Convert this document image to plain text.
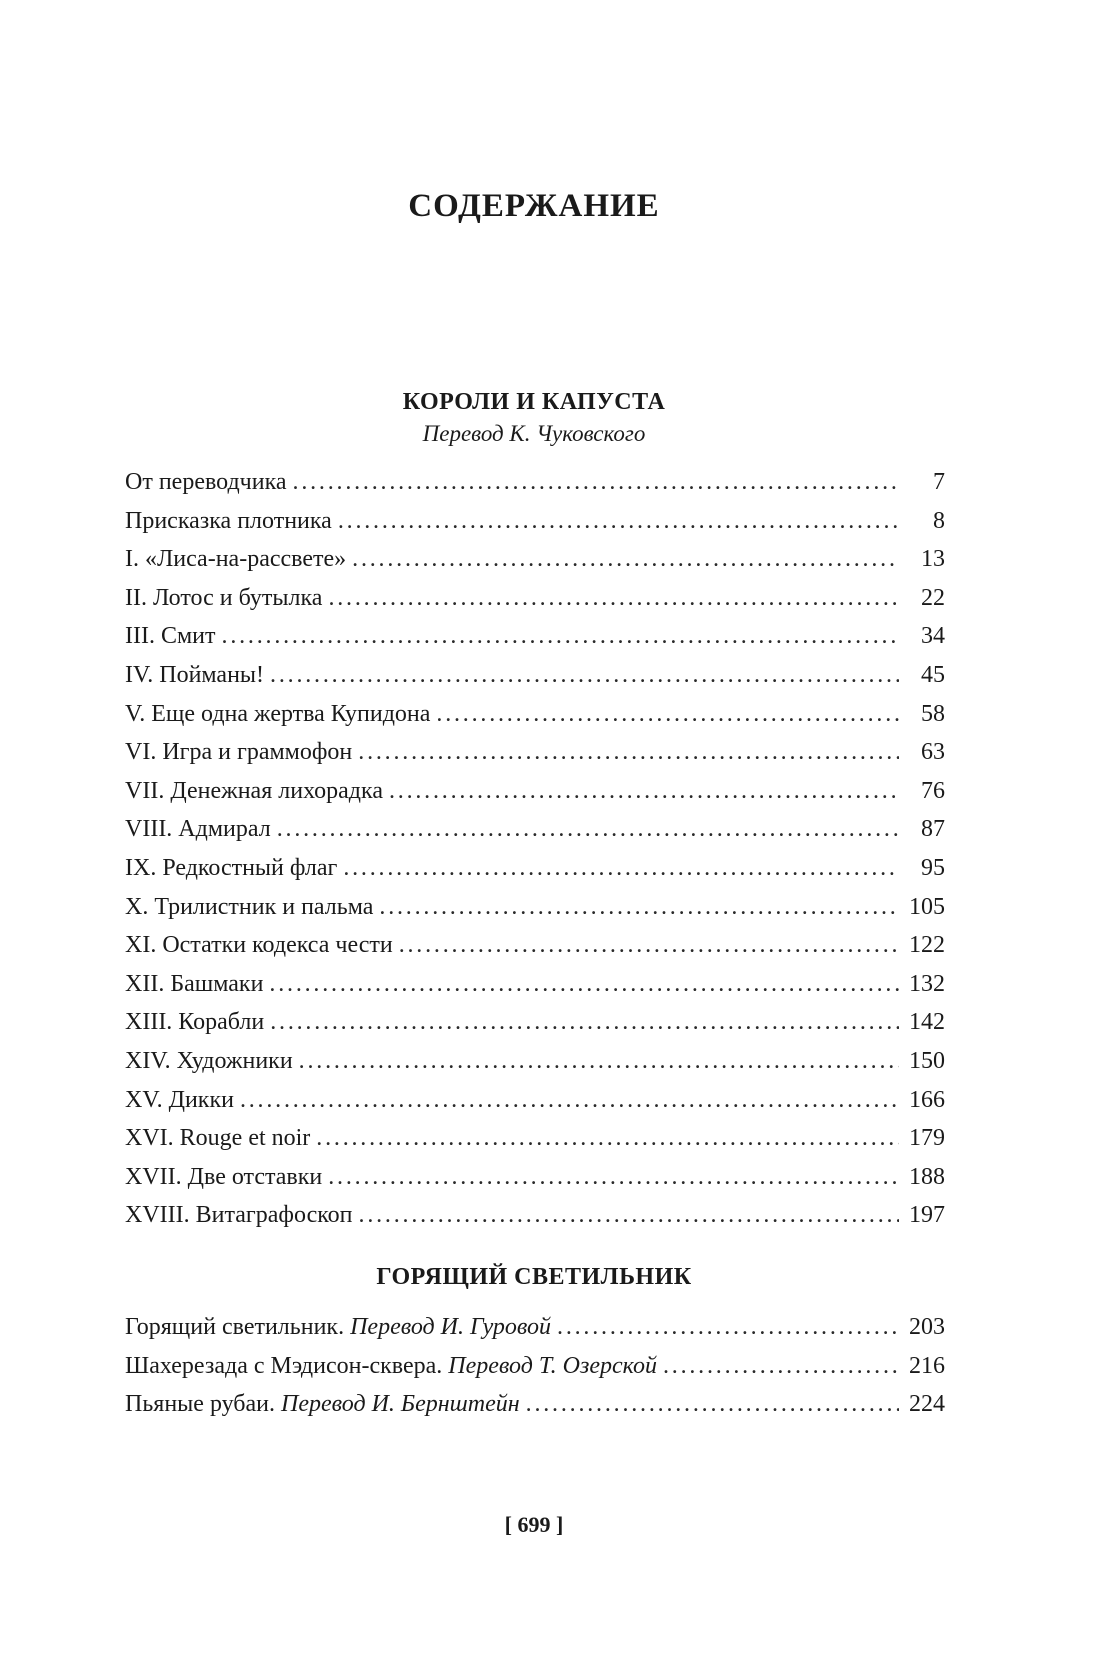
СОДЕРЖАНИЕ
КОРОЛИ И КАПУСТА
Перевод К. Чуковского
От переводчика . . .	7
Присказка плотника . . .	8
I. «Лиса-на-рассвете» . . .	13
II. Лотос и бутылка . . .	22
III. Смит . . .	34
IV. Пойманы! . . .	45
V. Еще одна жертва Купидона . . .	58
VI. Игра и граммофон . . .	63
VII. Денежная лихорадка . . .	76
VIII. Адмирал . . .	87
IX. Редкостный флаг . . .	95
X. Трилистник и пальма . . .	105
XI. Остатки кодекса чести . . .	122
XII. Башмаки . . .	132
XIII. Корабли . . .	142
XIV. Художники . . .	150
XV. Дикки . . .	166
XVI. Rouge et noir . . .	179
XVII. Две отставки . . .	188
XVIII. Витаграфоскоп . . .	197
ГОРЯЩИЙ СВЕТИЛЬНИК
Горящий светильник. Перевод И. Гуровой . . .	203
Шахерезада с Мэдисон-сквера. Перевод Т. Озерской . . .	216
Пьяные рубаи. Перевод И. Бернштейн . . .	224
[ 699 ]
